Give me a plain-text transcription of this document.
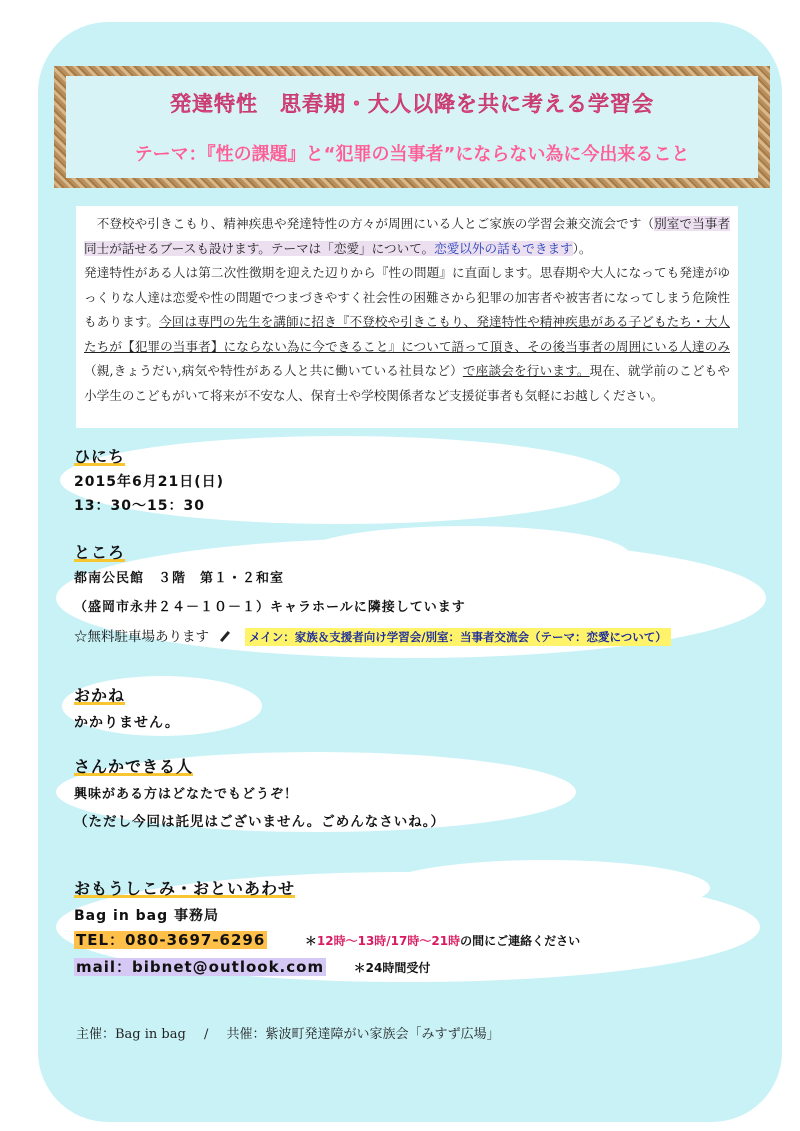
発達特性　思春期・大人以降を共に考える学習会
テーマ：『性の課題』と“犯罪の当事者”にならない為に今出来ること

不登校や引きこもり、精神疾患や発達特性の方々が周囲にいる人とご家族の学習会兼交流会です（別室で当事者同士が話せるブースも設けます。テーマは「恋愛」について。恋愛以外の話もできます）。

発達特性がある人は第二次性徴期を迎えた辺りから『性の問題』に直面します。思春期や大人になっても発達がゆっくりな人達は恋愛や性の問題でつまづきやすく社会性の困難さから犯罪の加害者や被害者になってしまう危険性もあります。今回は専門の先生を講師に招き『不登校や引きこもり、発達特性や精神疾患がある子どもたち・大人たちが【犯罪の当事者】にならない為に今できること』について語って頂き、その後当事者の周囲にいる人達のみ（親,きょうだい,病気や特性がある人と共に働いている社員など）で座談会を行います。現在、就学前のこどもや小学生のこどもがいて将来が不安な人、保育士や学校関係者など支援従事者も気軽にお越しください。

ひにち
2015年6月21日(日)
13：30～15：30
ところ
都南公民館　３階　第１・２和室
（盛岡市永井２４－１０－１）キャラホールに隣接しています
☆無料駐車場あります	メイン：家族＆支援者向け学習会/別室：当事者交流会（テーマ：恋愛について）
おかね
かかりません。
さんかできる人
興味がある方はどなたでもどうぞ！
（ただし今回は託児はございません。ごめんなさいね。）
おもうしこみ・おといあわせ
Bag in bag 事務局
TEL：080-3697-6296	＊12時～13時/17時～21時の間にご連絡ください
mail：bibnet@outlook.com ＊24時間受付
主催：Bag in bag / 共催：紫波町発達障がい家族会「みすず広場」
